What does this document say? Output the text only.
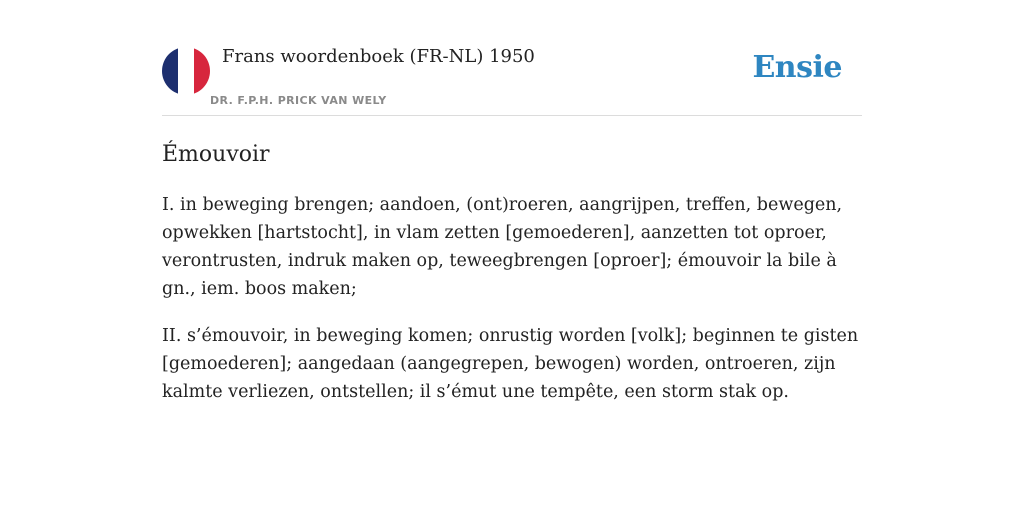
Frans woordenboek (FR-NL) 1950
DR. F.P.H. PRICK VAN WELY
Ensie
Émouvoir

I. in beweging brengen; aandoen, (ont)roeren, aangrijpen, treffen, bewegen, opwekken [hartstocht], in vlam zetten [gemoederen], aanzetten tot oproer, verontrusten, indruk maken op, teweegbrengen [oproer]; émouvoir la bile à gn., iem. boos maken;

II. s’émouvoir, in beweging komen; onrustig worden [volk]; beginnen te gisten [gemoederen]; aangedaan (aangegrepen, bewogen) worden, ontroeren, zijn kalmte verliezen, ontstellen; il s’émut une tempête, een storm stak op.
